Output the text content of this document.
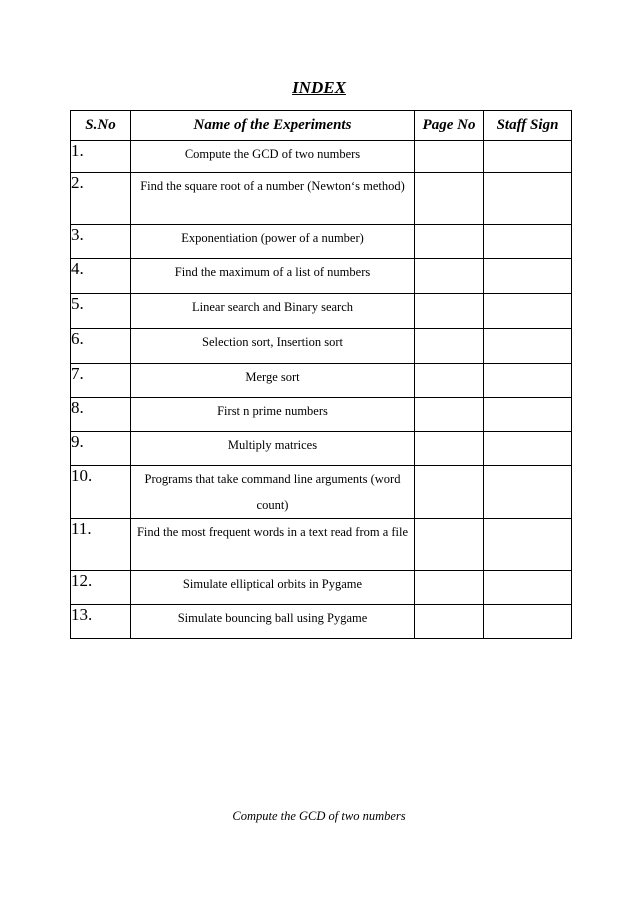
INDEX
S.No	Name of the Experiments	Page No	Staff Sign
1.	Compute the GCD of two numbers		
2.	Find the square root of a number (Newton‘s method)		
3.	Exponentiation (power of a number)		
4.	Find the maximum of a list of numbers		
5.	Linear search and Binary search		
6.	Selection sort, Insertion sort		
7.	Merge sort		
8.	First n prime numbers		
9.	Multiply matrices		
10.	Programs that take command line arguments (word count)		
11.	Find the most frequent words in a text read from a file		
12.	Simulate elliptical orbits in Pygame		
13.	Simulate bouncing ball using Pygame		
Compute the GCD of two numbers
